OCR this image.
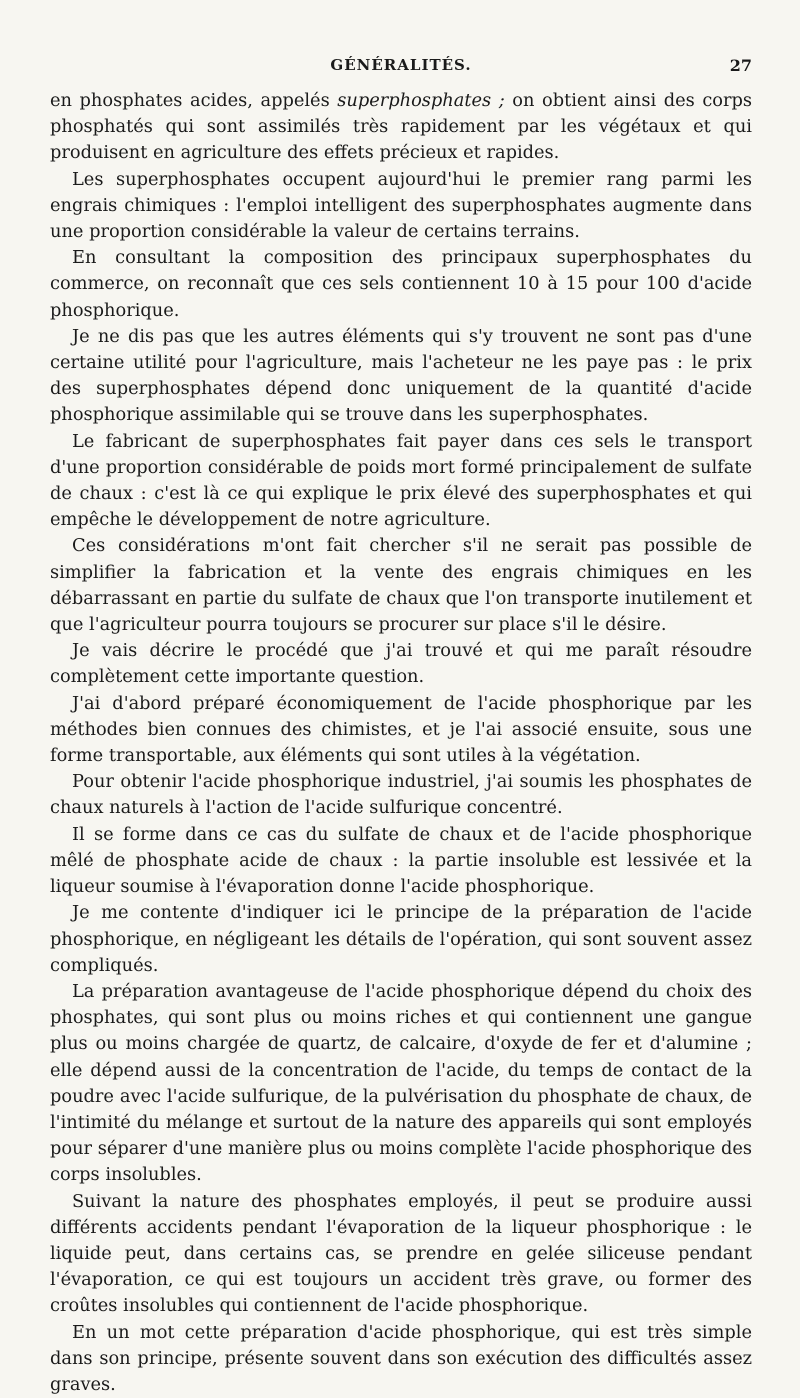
GÉNÉRALITÉS.	27

en phosphates acides, appelés superphosphates ; on obtient ainsi des corps phosphatés qui sont assimilés très rapidement par les végétaux et qui produisent en agriculture des effets précieux et rapides.

Les superphosphates occupent aujourd'hui le premier rang parmi les engrais chimiques : l'emploi intelligent des superphosphates augmente dans une proportion considérable la valeur de certains terrains.

En consultant la composition des principaux superphosphates du commerce, on reconnaît que ces sels contiennent 10 à 15 pour 100 d'acide phosphorique.

Je ne dis pas que les autres éléments qui s'y trouvent ne sont pas d'une certaine utilité pour l'agriculture, mais l'acheteur ne les paye pas : le prix des superphosphates dépend donc uniquement de la quantité d'acide phosphorique assimilable qui se trouve dans les superphosphates.

Le fabricant de superphosphates fait payer dans ces sels le transport d'une proportion considérable de poids mort formé principalement de sulfate de chaux : c'est là ce qui explique le prix élevé des superphosphates et qui empêche le développement de notre agriculture.

Ces considérations m'ont fait chercher s'il ne serait pas possible de simplifier la fabrication et la vente des engrais chimiques en les débarrassant en partie du sulfate de chaux que l'on transporte inutilement et que l'agriculteur pourra toujours se procurer sur place s'il le désire.

Je vais décrire le procédé que j'ai trouvé et qui me paraît résoudre complètement cette importante question.

J'ai d'abord préparé économiquement de l'acide phosphorique par les méthodes bien connues des chimistes, et je l'ai associé ensuite, sous une forme transportable, aux éléments qui sont utiles à la végétation.

Pour obtenir l'acide phosphorique industriel, j'ai soumis les phosphates de chaux naturels à l'action de l'acide sulfurique concentré.

Il se forme dans ce cas du sulfate de chaux et de l'acide phosphorique mêlé de phosphate acide de chaux : la partie insoluble est lessivée et la liqueur soumise à l'évaporation donne l'acide phosphorique.

Je me contente d'indiquer ici le principe de la préparation de l'acide phosphorique, en négligeant les détails de l'opération, qui sont souvent assez compliqués.

La préparation avantageuse de l'acide phosphorique dépend du choix des phosphates, qui sont plus ou moins riches et qui contiennent une gangue plus ou moins chargée de quartz, de calcaire, d'oxyde de fer et d'alumine ; elle dépend aussi de la concentration de l'acide, du temps de contact de la poudre avec l'acide sulfurique, de la pulvérisation du phosphate de chaux, de l'intimité du mélange et surtout de la nature des appareils qui sont employés pour séparer d'une manière plus ou moins complète l'acide phosphorique des corps insolubles.

Suivant la nature des phosphates employés, il peut se produire aussi différents accidents pendant l'évaporation de la liqueur phosphorique : le liquide peut, dans certains cas, se prendre en gelée siliceuse pendant l'évaporation, ce qui est toujours un accident très grave, ou former des croûtes insolubles qui contiennent de l'acide phosphorique.

En un mot cette préparation d'acide phosphorique, qui est très simple dans son principe, présente souvent dans son exécution des difficultés assez graves.
